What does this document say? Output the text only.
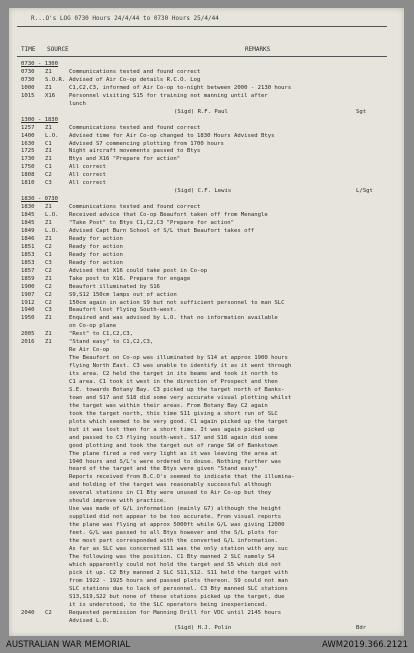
R...O's LOG 0730 Hours 24/4/44 to 0730 Hours 25/4/44
TIME SOURCE	REMARKS
0730 - 1300
0730 Z1	Communications tested and found correct
0730 S.O.R. Advised of Air Co-op details R.C.O. Log
1000 Z1	C1,C2,C3, informed of Air Co-op to-night between 2000 - 2130 hours
1015 X16 Personnel visiting S15 for training not manning until after
lunch
(Sigd) R.F. Paul	Sgt
1300 - 1830
1257 Z1	Communications tested and found correct
1400 L.O. Advised time for Air Co-op changed to 1830 Hours Advised Btys
1630 C1	Advised S7 commencing plotting from 1700 hours
1725 Z1	Night aircraft movements passed to Btys
1730 Z1	Btys and X16 "Prepare for action"
1750 C1	All correct
1808 C2	All correct
1810 C3	All correct
(Sigd) C.F. Lewis	L/Sgt
1830 - 0730
1830 Z1	Communications tested and found correct
1845 L.O. Received advice that Co-op Beaufort taken off from Menangle
1845 Z1	"Take Post" to Btys C1,C2,C3 "Prepare for action"
1849 L.O. Advised Capt Burn School of S/L that Beaufort takes off
1846 Z1	Ready for action
1851 C2	Ready for action
1853 C1	Ready for action
1853 C3	Ready for action
1857 C2	Advised that X16 could take post in Co-op
1859 Z1	Take post to X16. Prepare for engage
1900 C2	Beaufort illuminated by S16
1907 C2	S9,S12 150cm lamps out of action
1912 C2	150cm again in action S9 but not sufficient personnel to man SLC
1940 C3	Beaufort lost flying South-west.
1950 Z1	Enquired and was advised by L.O. that no information available
on Co-op plane
2005 Z1	"Rest" to C1,C2,C3,
2016 Z1	"Stand easy" to C1,C2,C3,
Re Air Co-op
The Beaufort on Co-op was illuminated by S14 at approx 1900 hours
flying North East. C3 was unable to identify it as it went through
its area. C2 held the target in its beams and took it north to
C1 area. C1 took it west in the direction of Prospect and then
S.E. towards Botany Bay. C3 picked up the target north of Banks-
town and S17 and S18 did some very accurate visual plotting whilst
the target was within their areas. From Botany Bay C2 again
took the target north, this time S11 giving a short run of SLC
plots which seemed to be very good. C1 again picked up the target
but it was lost then for a short time. It was again picked up
and passed to C3 flying south-west. S17 and S18 again did some
good plotting and took the target out of range SW of Bankstown
The plane fired a red very light as it was leaving the area at
1940 hours and S/L's were ordered to douse. Nothing further was
heard of the target and the Btys were given "Stand easy"
Reports received from B.C.O's seemed to indicate that the illumina-
and holding of the target was reasonably successful although
several stations in C1 Bty were unused to Air Co-op but they
should improve with practice.
Use was made of G/L information (mainly G7) although the height
supplied did not appear to be too accurate. From visual reports
the plane was flying at approx 5000ft while G/L was giving 12000
feet. G/L was passed to all Btys however and the S/L plots for
the most part corresponded with the converted G/L information.
As far as SLC was concerned S11 was the only station with any suc
The following was the position. C1 Bty manned 2 SLC namely S4
which apparently could not hold the target and S5 which did not
pick it up. C2 Bty manned 2 SLC S11,S12. S11 held the target with
from 1922 - 1925 hours and passed plots thereon. S9 could not man
SLC stations due to lack of personnel. C3 Bty manned SLC stations
S13,S19,S22 but none of these stations picked up the target, due
it is understood, to the SLC operators being inexperienced.
2040 C2	Requested permission for Manning Drill for VDC until 2145 hours
Advised L.O.
(Sigd) H.J. Polin	Bdr
AUSTRALIAN WAR MEMORIAL	AWM2019.366.2121
